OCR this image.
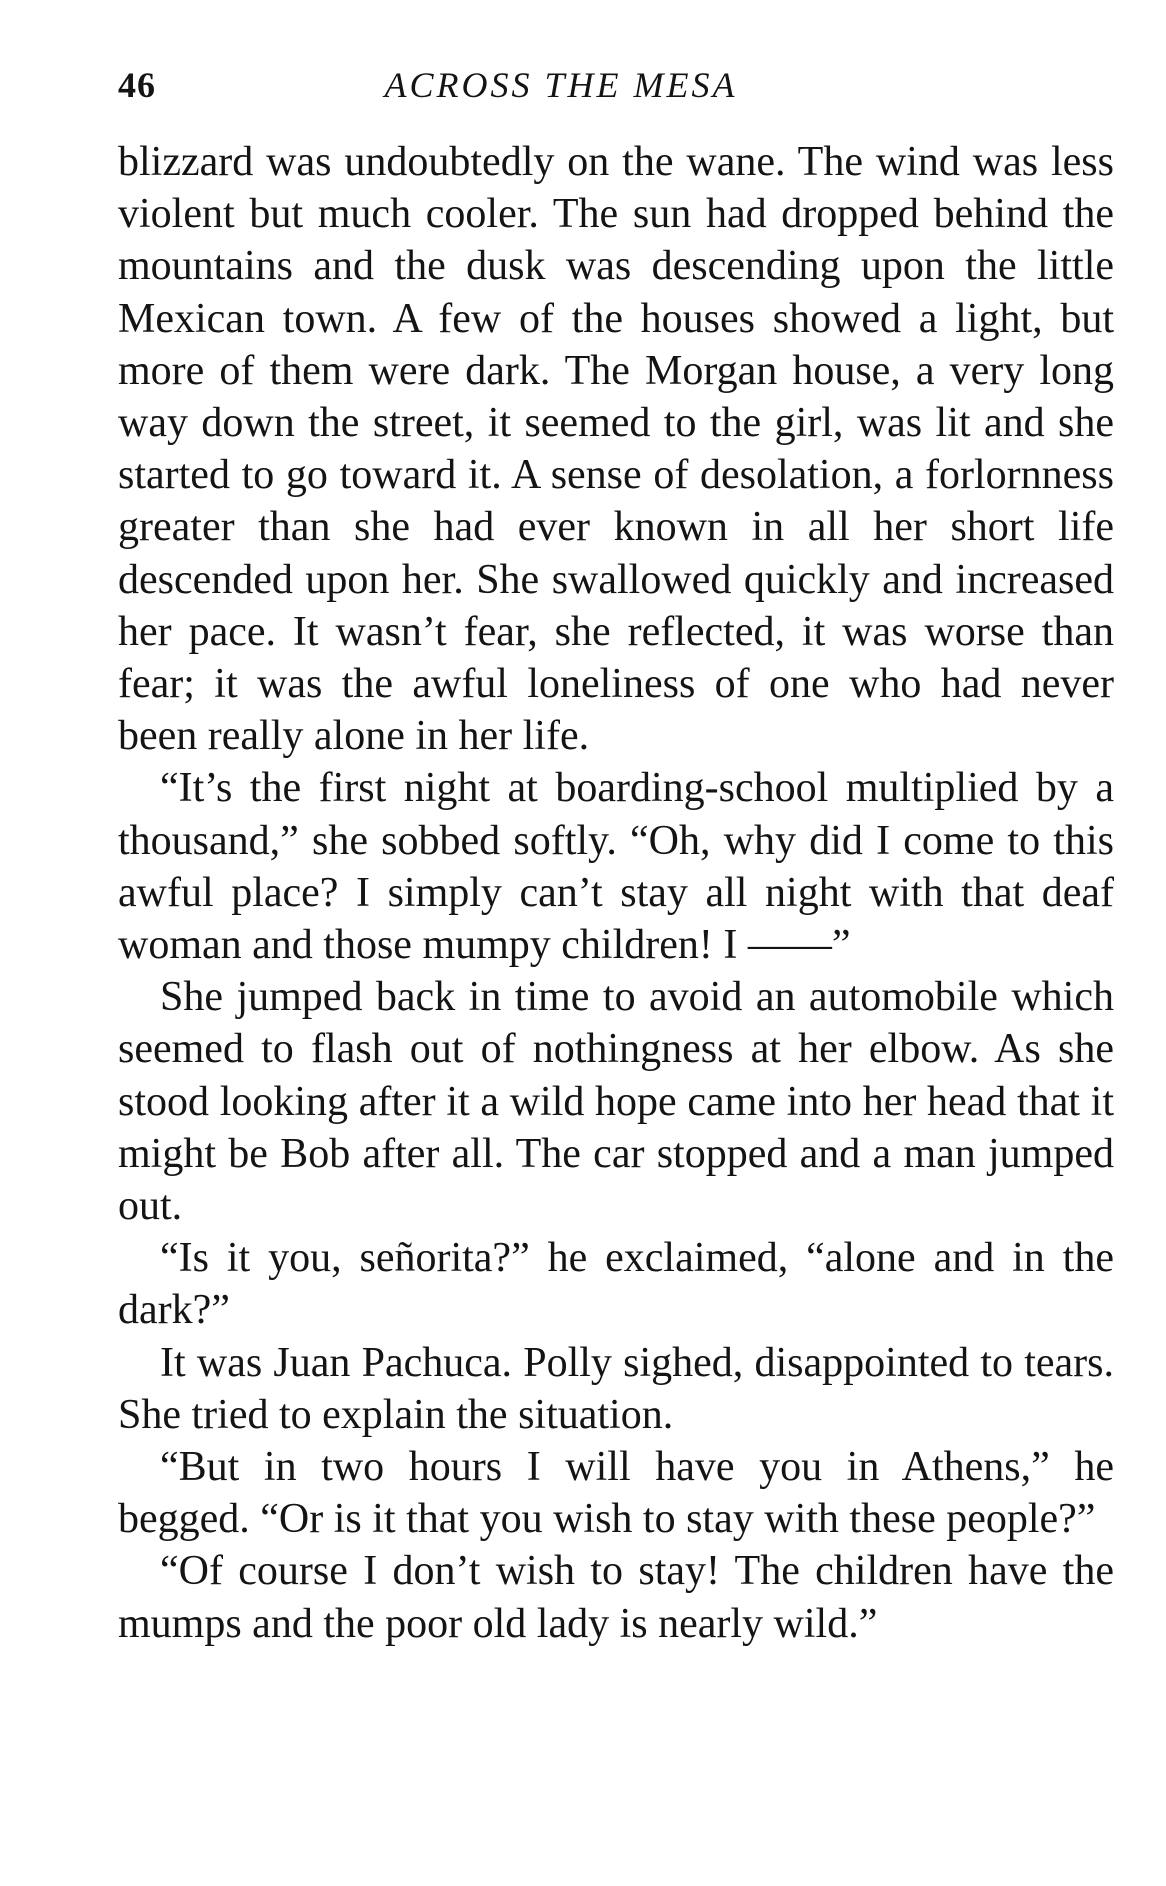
46	ACROSS THE MESA

blizzard was undoubtedly on the wane. The wind was less violent but much cooler. The sun had dropped behind the mountains and the dusk was descending upon the little Mexican town. A few of the houses showed a light, but more of them were dark. The Morgan house, a very long way down the street, it seemed to the girl, was lit and she started to go toward it. A sense of desolation, a forlornness greater than she had ever known in all her short life descended upon her. She swallowed quickly and increased her pace. It wasn’t fear, she reflected, it was worse than fear; it was the awful loneliness of one who had never been really alone in her life.

“It’s the first night at boarding-school multiplied by a thousand,” she sobbed softly. “Oh, why did I come to this awful place? I simply can’t stay all night with that deaf woman and those mumpy children! I ——”

She jumped back in time to avoid an automobile which seemed to flash out of nothingness at her elbow. As she stood looking after it a wild hope came into her head that it might be Bob after all. The car stopped and a man jumped out.

“Is it you, señorita?” he exclaimed, “alone and in the dark?”

It was Juan Pachuca. Polly sighed, disappointed to tears. She tried to explain the situation.

“But in two hours I will have you in Athens,” he begged. “Or is it that you wish to stay with these people?”

“Of course I don’t wish to stay! The children have the mumps and the poor old lady is nearly wild.”
